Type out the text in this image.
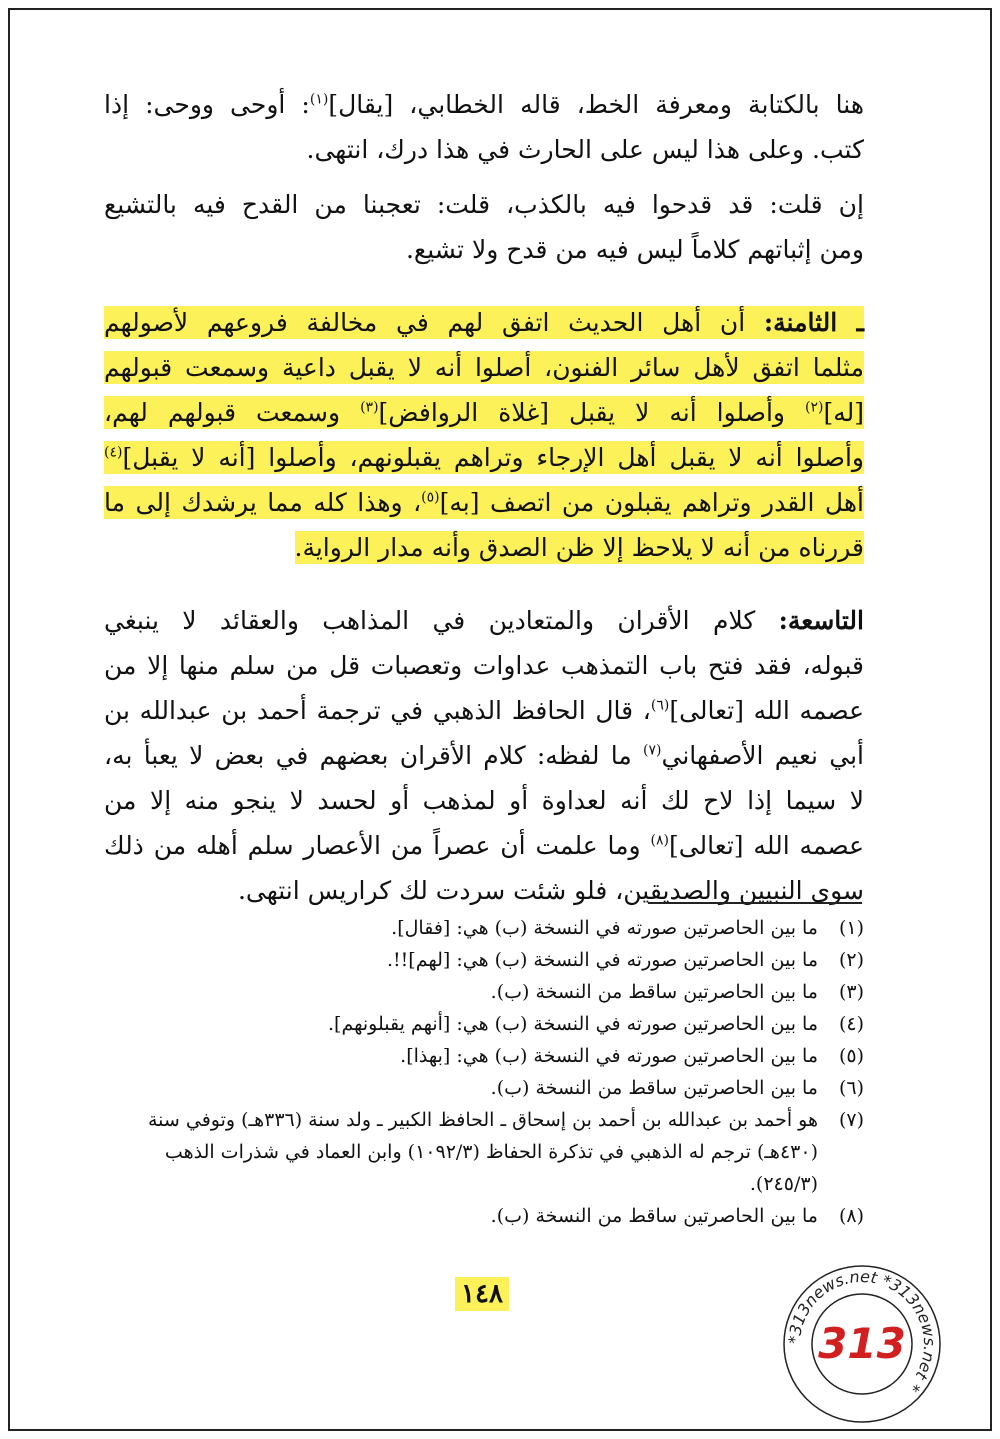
هنا بالكتابة ومعرفة الخط، قاله الخطابي، [يقال]$^{(١)}$: أوحى ووحى: إذا
كتب. وعلى هذا ليس على الحارث في هذا درك، انتهى.

إن قلت: قد قدحوا فيه بالكذب، قلت: تعجبنا من القدح فيه بالتشيع
ومن إثباتهم كلاماً ليس فيه من قدح ولا تشيع.

ـ الثامنة: أن أهل الحديث اتفق لهم في مخالفة فروعهم لأصولهم
مثلما اتفق لأهل سائر الفنون، أصلوا أنه لا يقبل داعية وسمعت قبولهم
[له]$^{(٢)}$ وأصلوا أنه لا يقبل [غلاة الروافض]$^{(٣)}$ وسمعت قبولهم لهم،
وأصلوا أنه لا يقبل أهل الإرجاء وتراهم يقبلونهم، وأصلوا [أنه لا يقبل]$^{(٤)}$
أهل القدر وتراهم يقبلون من اتصف [به]$^{(٥)}$، وهذا كله مما يرشدك إلى ما
قررناه من أنه لا يلاحظ إلا ظن الصدق وأنه مدار الرواية.

التاسعة: كلام الأقران والمتعادين في المذاهب والعقائد لا ينبغي
قبوله، فقد فتح باب التمذهب عداوات وتعصبات قل من سلم منها إلا من
عصمه الله [تعالى]$^{(٦)}$، قال الحافظ الذهبي في ترجمة أحمد بن عبدالله بن
أبي نعيم الأصفهاني$^{(٧)}$ ما لفظه: كلام الأقران بعضهم في بعض لا يعبأ به،
لا سيما إذا لاح لك أنه لعداوة أو لمذهب أو لحسد لا ينجو منه إلا من
عصمه الله [تعالى]$^{(٨)}$ وما علمت أن عصراً من الأعصار سلم أهله من ذلك
سوى النبيين والصديقين، فلو شئت سردت لك كراريس انتهى.

(١)
ما بين الحاصرتين صورته في النسخة (ب) هي: [فقال].
(٢)
ما بين الحاصرتين صورته في النسخة (ب) هي: [لهم]!!.
(٣)
ما بين الحاصرتين ساقط من النسخة (ب).
(٤)
ما بين الحاصرتين صورته في النسخة (ب) هي: [أنهم يقبلونهم].
(٥)
ما بين الحاصرتين صورته في النسخة (ب) هي: [بهذا].
(٦)
ما بين الحاصرتين ساقط من النسخة (ب).
(٧)
هو أحمد بن عبدالله بن أحمد بن إسحاق ـ الحافظ الكبير ـ ولد سنة (٣٣٦هـ) وتوفي سنة (٤٣٠هـ) ترجم له الذهبي في تذكرة الحفاظ (١٠٩٢/٣) وابن العماد في شذرات الذهب (٢٤٥/٣).
(٨)
ما بين الحاصرتين ساقط من النسخة (ب).
١٤٨
*313news.net *313news.net *
313
